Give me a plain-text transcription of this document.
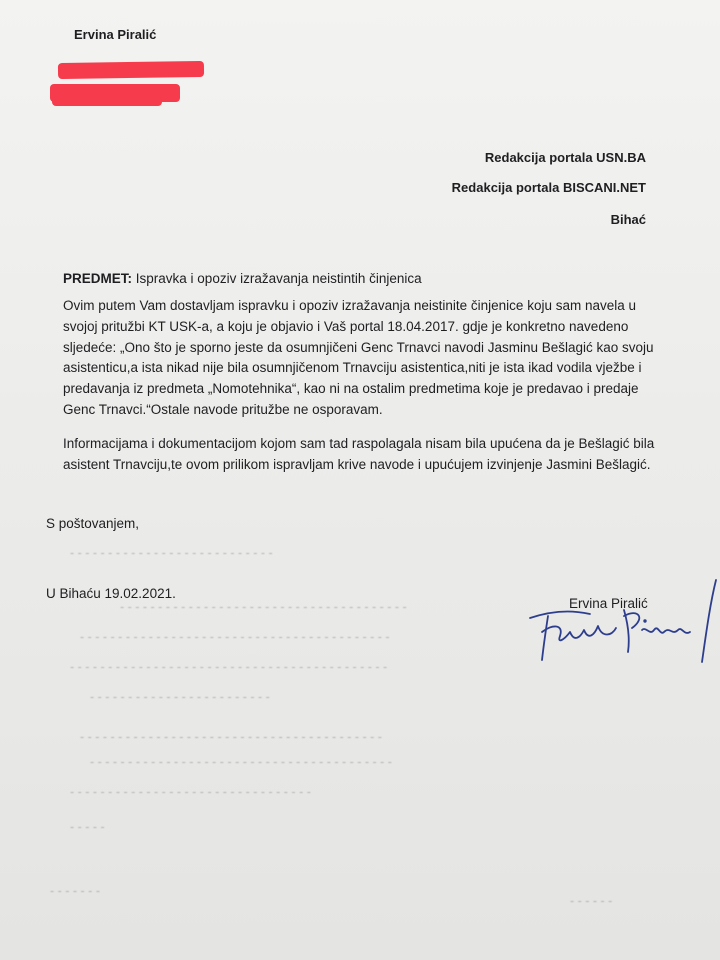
- - - - - - - - - - - - - - - - - - - - - - - - - - -
- - - - - - - - - - - - - - - - - - - - - - - - - - - - - - - - - - - - - -
- - - - - - - - - - - - - - - - - - - - - - - - - - - - - - - - - - - - - - - - -
- - - - - - - - - - - - - - - - - - - - - - - - - - - - - - - - - - - - - - - - - -
- - - - - - - - - - - - - - - - - - - - - - - -
- - - - - - - - - - - - - - - - - - - - - - - - - - - - - - - - - - - - - - - -
- - - - - - - - - - - - - - - - - - - - - - - - - - - - - - - - - - - - - - - -
- - - - - - - - - - - - - - - - - - - - - - - - - - - - - - - -
- - - - -
- - - - - - -
- - - - - -
Ervina Piralić
Redakcija portala USN.BA
Redakcija portala BISCANI.NET
Bihać
PREDMET: Ispravka i opoziv izražavanja neistintih činjenica
Ovim putem Vam dostavljam ispravku i opoziv izražavanja neistinite činjenice koju sam navela u
svojoj pritužbi KT USK-a, a koju je objavio i Vaš portal 18.04.2017. gdje je konkretno navedeno
sljedeće: „Ono što je sporno jeste da osumnjičeni Genc Trnavci navodi Jasminu Bešlagić kao svoju
asistenticu,a ista nikad nije bila osumnjičenom Trnavciju asistentica,niti je ista ikad vodila vježbe i
predavanja iz predmeta „Nomotehnika“, kao ni na ostalim predmetima koje je predavao i predaje
Genc Trnavci.“Ostale navode pritužbe ne osporavam.
Informacijama i dokumentacijom kojom sam tad raspolagala nisam bila upućena da je Bešlagić bila
asistent Trnavciju,te ovom prilikom ispravljam krive navode i upućujem izvinjenje Jasmini Bešlagić.
S poštovanjem,
U Bihaću 19.02.2021.
Ervina Piralić
